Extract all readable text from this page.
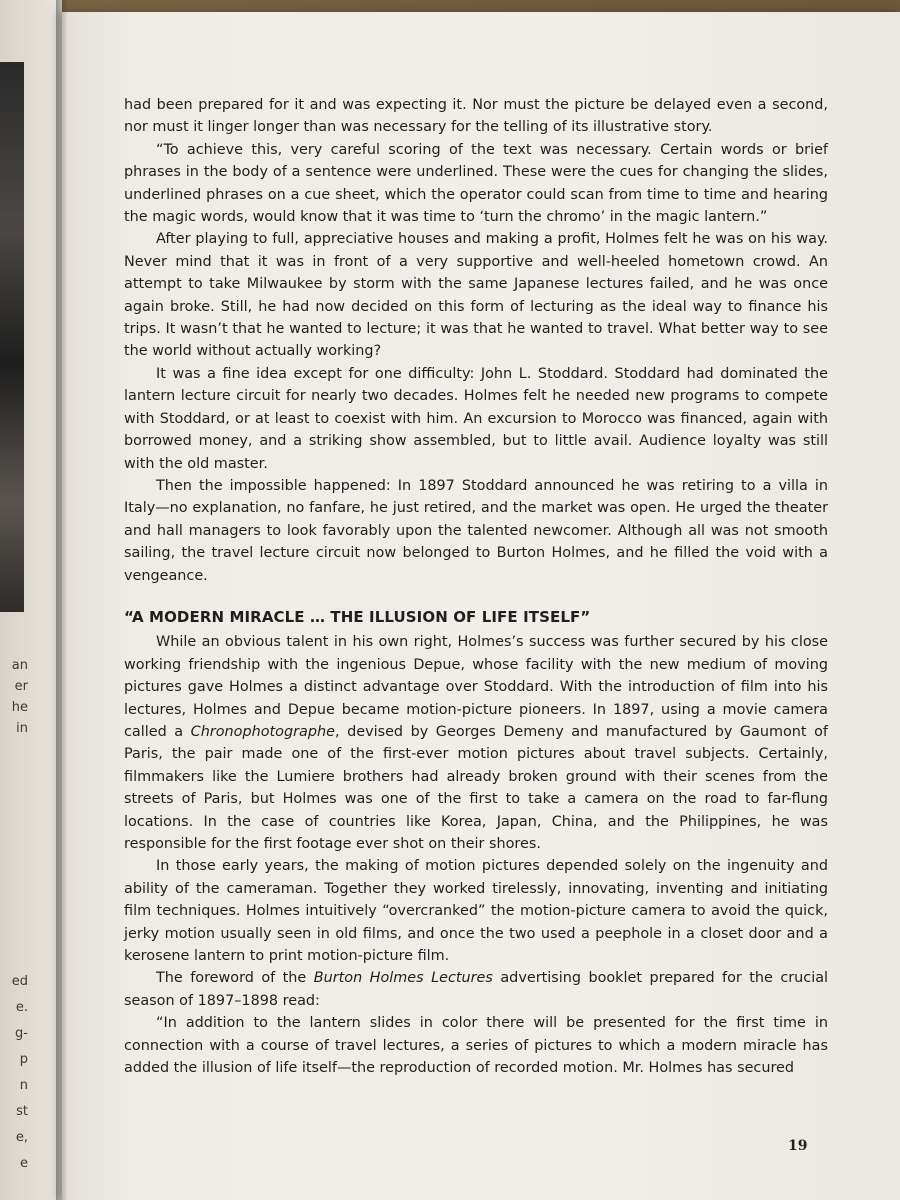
an
er
he
in
ed
e.
g-
p
n
st
e,
e

had been prepared for it and was expecting it. Nor must the picture be delayed even a second, nor must it linger longer than was necessary for the telling of its illustrative story.

“To achieve this, very careful scoring of the text was necessary. Certain words or brief phrases in the body of a sentence were underlined. These were the cues for changing the slides, underlined phrases on a cue sheet, which the operator could scan from time to time and hearing the magic words, would know that it was time to ‘turn the chromo’ in the magic lantern.”

After playing to full, appreciative houses and making a profit, Holmes felt he was on his way. Never mind that it was in front of a very supportive and well-heeled hometown crowd. An attempt to take Milwaukee by storm with the same Japanese lectures failed, and he was once again broke. Still, he had now decided on this form of lecturing as the ideal way to finance his trips. It wasn’t that he wanted to lecture; it was that he wanted to travel. What better way to see the world without actually working?

It was a fine idea except for one difficulty: John L. Stoddard. Stoddard had dominated the lantern lecture circuit for nearly two decades. Holmes felt he needed new programs to compete with Stoddard, or at least to coexist with him. An excursion to Morocco was financed, again with borrowed money, and a striking show assembled, but to little avail. Audience loyalty was still with the old master.

Then the impossible happened: In 1897 Stoddard announced he was retiring to a villa in Italy—no explanation, no fanfare, he just retired, and the market was open. He urged the theater and hall managers to look favorably upon the talented newcomer. Although all was not smooth sailing, the travel lecture circuit now belonged to Burton Holmes, and he filled the void with a vengeance.

“A MODERN MIRACLE … THE ILLUSION OF LIFE ITSELF”

While an obvious talent in his own right, Holmes’s success was further secured by his close working friendship with the ingenious Depue, whose facility with the new medium of moving pictures gave Holmes a distinct advantage over Stoddard. With the introduction of film into his lectures, Holmes and Depue became motion-picture pioneers. In 1897, using a movie camera called a Chronophotographe, devised by Georges Demeny and manufactured by Gaumont of Paris, the pair made one of the first-ever motion pictures about travel subjects. Certainly, filmmakers like the Lumiere brothers had already broken ground with their scenes from the streets of Paris, but Holmes was one of the first to take a camera on the road to far-flung locations. In the case of countries like Korea, Japan, China, and the Philippines, he was responsible for the first footage ever shot on their shores.

In those early years, the making of motion pictures depended solely on the ingenuity and ability of the cameraman. Together they worked tirelessly, innovating, inventing and initiating film techniques. Holmes intuitively “overcranked” the motion-picture camera to avoid the quick, jerky motion usually seen in old films, and once the two used a peephole in a closet door and a kerosene lantern to print motion-picture film.

The foreword of the Burton Holmes Lectures advertising booklet prepared for the crucial season of 1897–1898 read:

“In addition to the lantern slides in color there will be presented for the first time in connection with a course of travel lectures, a series of pictures to which a modern miracle has added the illusion of life itself—the reproduction of recorded motion. Mr. Holmes has secured

19
